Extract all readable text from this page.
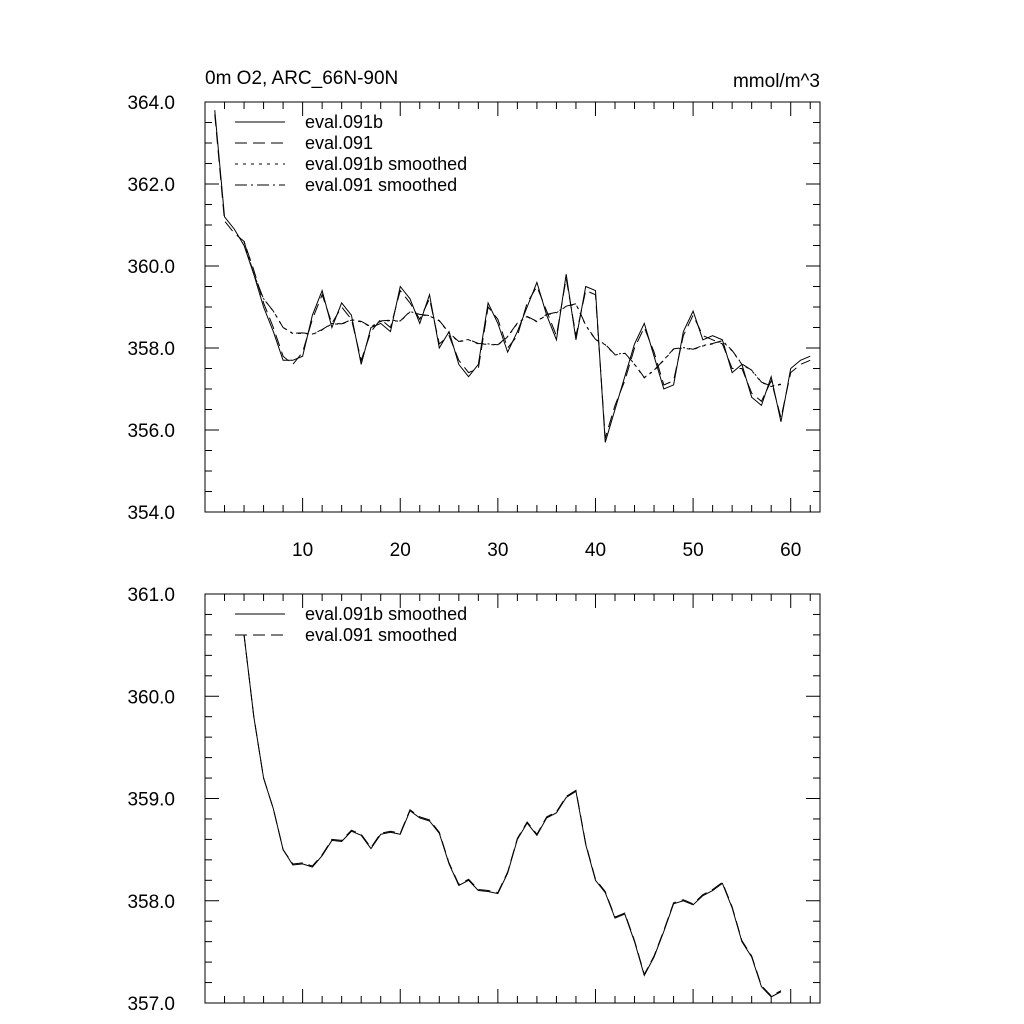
354.0
356.0
358.0
360.0
362.0
364.0
10	20	30	40	50	60
0m O2, ARC_66N-90N	mmol/m^3
eval.091b
eval.091
eval.091b smoothed
eval.091 smoothed
357.0
358.0
359.0
360.0
361.0
eval.091b smoothed
eval.091 smoothed
